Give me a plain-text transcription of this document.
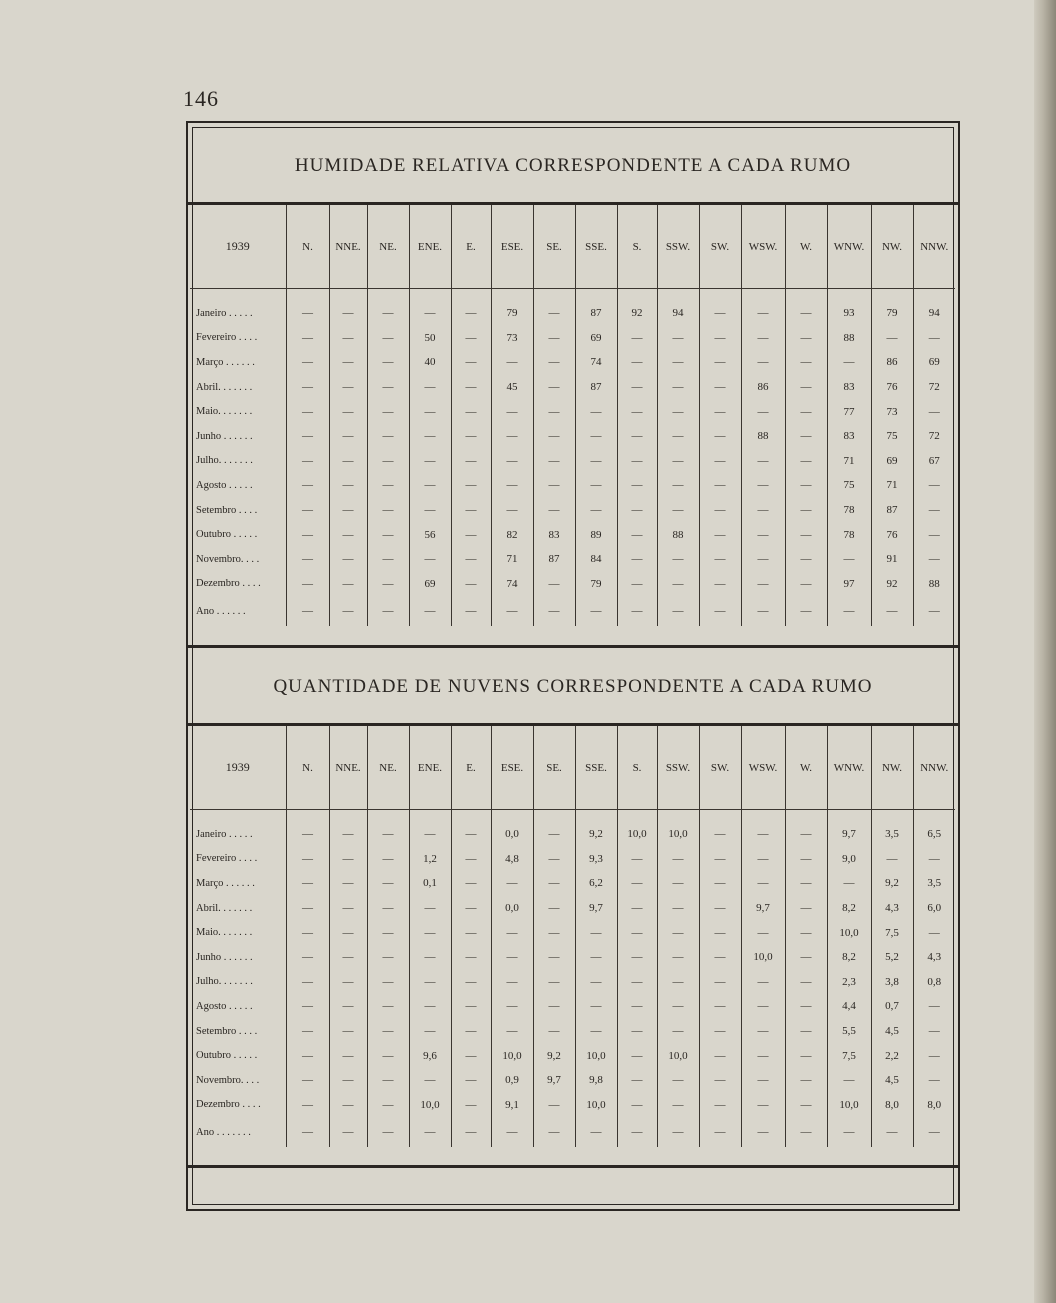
146
HUMIDADE RELATIVA CORRESPONDENTE A CADA RUMO
QUANTIDADE DE NUVENS CORRESPONDENTE A CADA RUMO
1939	N.	NNE.	NE.	ENE.	E.	ESE.	SE.	SSE.	S.	SSW.	SW.	WSW.	W.	WNW.	NW.	NNW.

Janeiro . . . . .	—	—	—	—	—	79	—	87	92	94	—	—	—	93	79	94
Fevereiro . . . .	—	—	—	50	—	73	—	69	—	—	—	—	—	88	—	—
Março . . . . . .	—	—	—	40	—	—	—	74	—	—	—	—	—	—	86	69
Abril. . . . . . .	—	—	—	—	—	45	—	87	—	—	—	86	—	83	76	72
Maio. . . . . . .	—	—	—	—	—	—	—	—	—	—	—	—	—	77	73	—
Junho . . . . . .	—	—	—	—	—	—	—	—	—	—	—	88	—	83	75	72
Julho. . . . . . .	—	—	—	—	—	—	—	—	—	—	—	—	—	71	69	67
Agosto . . . . .	—	—	—	—	—	—	—	—	—	—	—	—	—	75	71	—
Setembro . . . .	—	—	—	—	—	—	—	—	—	—	—	—	—	78	87	—
Outubro . . . . .	—	—	—	56	—	82	83	89	—	88	—	—	—	78	76	—
Novembro. . . .	—	—	—	—	—	71	87	84	—	—	—	—	—	—	91	—
Dezembro . . . .	—	—	—	69	—	74	—	79	—	—	—	—	—	97	92	88
Ano . . . . . .	—	—	—	—	—	—	—	—	—	—	—	—	—	—	—	—
1939	N.	NNE.	NE.	ENE.	E.	ESE.	SE.	SSE.	S.	SSW.	SW.	WSW.	W.	WNW.	NW.	NNW.

Janeiro . . . . .	—	—	—	—	—	0,0	—	9,2	10,0	10,0	—	—	—	9,7	3,5	6,5
Fevereiro . . . .	—	—	—	1,2	—	4,8	—	9,3	—	—	—	—	—	9,0	—	—
Março . . . . . .	—	—	—	0,1	—	—	—	6,2	—	—	—	—	—	—	9,2	3,5
Abril. . . . . . .	—	—	—	—	—	0,0	—	9,7	—	—	—	9,7	—	8,2	4,3	6,0
Maio. . . . . . .	—	—	—	—	—	—	—	—	—	—	—	—	—	10,0	7,5	—
Junho . . . . . .	—	—	—	—	—	—	—	—	—	—	—	10,0	—	8,2	5,2	4,3
Julho. . . . . . .	—	—	—	—	—	—	—	—	—	—	—	—	—	2,3	3,8	0,8
Agosto . . . . .	—	—	—	—	—	—	—	—	—	—	—	—	—	4,4	0,7	—
Setembro . . . .	—	—	—	—	—	—	—	—	—	—	—	—	—	5,5	4,5	—
Outubro . . . . .	—	—	—	9,6	—	10,0	9,2	10,0	—	10,0	—	—	—	7,5	2,2	—
Novembro. . . .	—	—	—	—	—	0,9	9,7	9,8	—	—	—	—	—	—	4,5	—
Dezembro . . . .	—	—	—	10,0	—	9,1	—	10,0	—	—	—	—	—	10,0	8,0	8,0
Ano . . . . . . .	—	—	—	—	—	—	—	—	—	—	—	—	—	—	—	—
